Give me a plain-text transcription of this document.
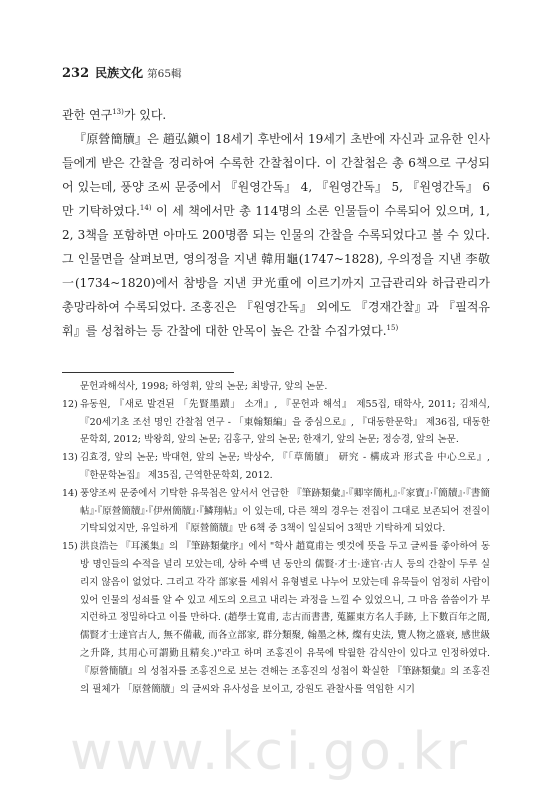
232 民族文化 第65輯

관한 연구$^{13)}$가 있다.

『原營簡牘』은 趙弘鎭이 18세기 후반에서 19세기 초반에 자신과 교유한 인사들에게 받은 간찰을 정리하여 수록한 간찰첩이다. 이 간찰첩은 총 6책으로 구성되어 있는데, 풍양 조씨 문중에서 『원영간독』 4, 『원영간독』 5, 『원영간독』 6만 기탁하였다.$^{14)}$ 이 세 책에서만 총 114명의 소론 인물들이 수록되어 있으며, 1, 2, 3책을 포함하면 아마도 200명쯤 되는 인물의 간찰을 수록되었다고 볼 수 있다. 그 인물면을 살펴보면, 영의정을 지낸 韓用龜(1747~1828), 우의정을 지낸 李敬一(1734~1820)에서 참방을 지낸 尹光重에 이르기까지 고급관리와 하급관리가 총망라하여 수록되었다. 조홍진은 『원영간독』 외에도 『경재간찰』과 『필적유휘』를 성첩하는 등 간찰에 대한 안목이 높은 간찰 수집가였다.$^{15)}$

문헌과해석사, 1998; 하영휘, 앞의 논문; 최방규, 앞의 논문.
12) 유동원, 『새로 발견된 「先賢墨蹟」 소개』, 『문헌과 해석』 제55집, 태학사, 2011; 김채식, 『20세기초 조선 명인 간찰첩 연구 - 「東翰類編」을 중심으로』, 『대동한문학』 제36집, 대동한문학회, 2012; 박왕희, 앞의 논문; 김홍구, 앞의 논문; 한재기, 앞의 논문; 정승경, 앞의 논문.
13) 김효경, 앞의 논문; 박대현, 앞의 논문; 박상수, 『「草簡牘」 研究 - 構成과 形式을 中心으로』, 『한문학논집』 제35집, 근역한문학회, 2012.
14) 풍양조씨 문중에서 기탁한 유묵첩은 앞서서 언급한 『筆跡類彙』·『卿宰簡札』·『家寶』·『簡牘』·『書簡帖』·『原營簡牘』·『伊州簡牘』·『鱗翔帖』이 있는데, 다른 책의 경우는 전집이 그대로 보존되어 전질이 기탁되었지만, 유일하게 『原營簡牘』만 6책 중 3책이 일실되어 3책만 기탁하게 되었다.
15) 洪良浩는 『耳溪集』의 『筆跡類彙序』에서 "학사 趙寬甫는 옛것에 뜻을 두고 글씨를 좋아하여 동방 명인들의 수적을 널리 모았는데, 상하 수백 년 동안의 儒賢·才士·達官·古人 등의 간찰이 두루 실리지 않음이 없었다. 그리고 각각 部家를 세워서 유형별로 나누어 모았는데 유묵들이 엄정히 사람이 있어 인물의 성쇠를 알 수 있고 세도의 오르고 내리는 과정을 느낄 수 있었으니, 그 마음 씀씀이가 부지런하고 정밀하다고 이를 만하다. (趙學士寬甫, 志古而書書, 蒐羅東方名人手跡, 上下數百年之間, 儒賢才士達官古人, 無不備載, 而各立部家, 群分類聚, 翰墨之林, 燦有史法, 覽人物之盛衰, 感世級之升降, 其用心可謂勤且精矣.)"라고 하며 조홍진이 유묵에 탁월한 감식안이 있다고 인정하였다. 『原營簡牘』의 성첩자를 조홍진으로 보는 견해는 조홍진의 성첩이 확실한 『筆跡類彙』의 조홍진의 필체가 「原營簡牘」의 글씨와 유사성을 보이고, 강원도 관찰사를 역임한 시기
www.kci.go.kr
